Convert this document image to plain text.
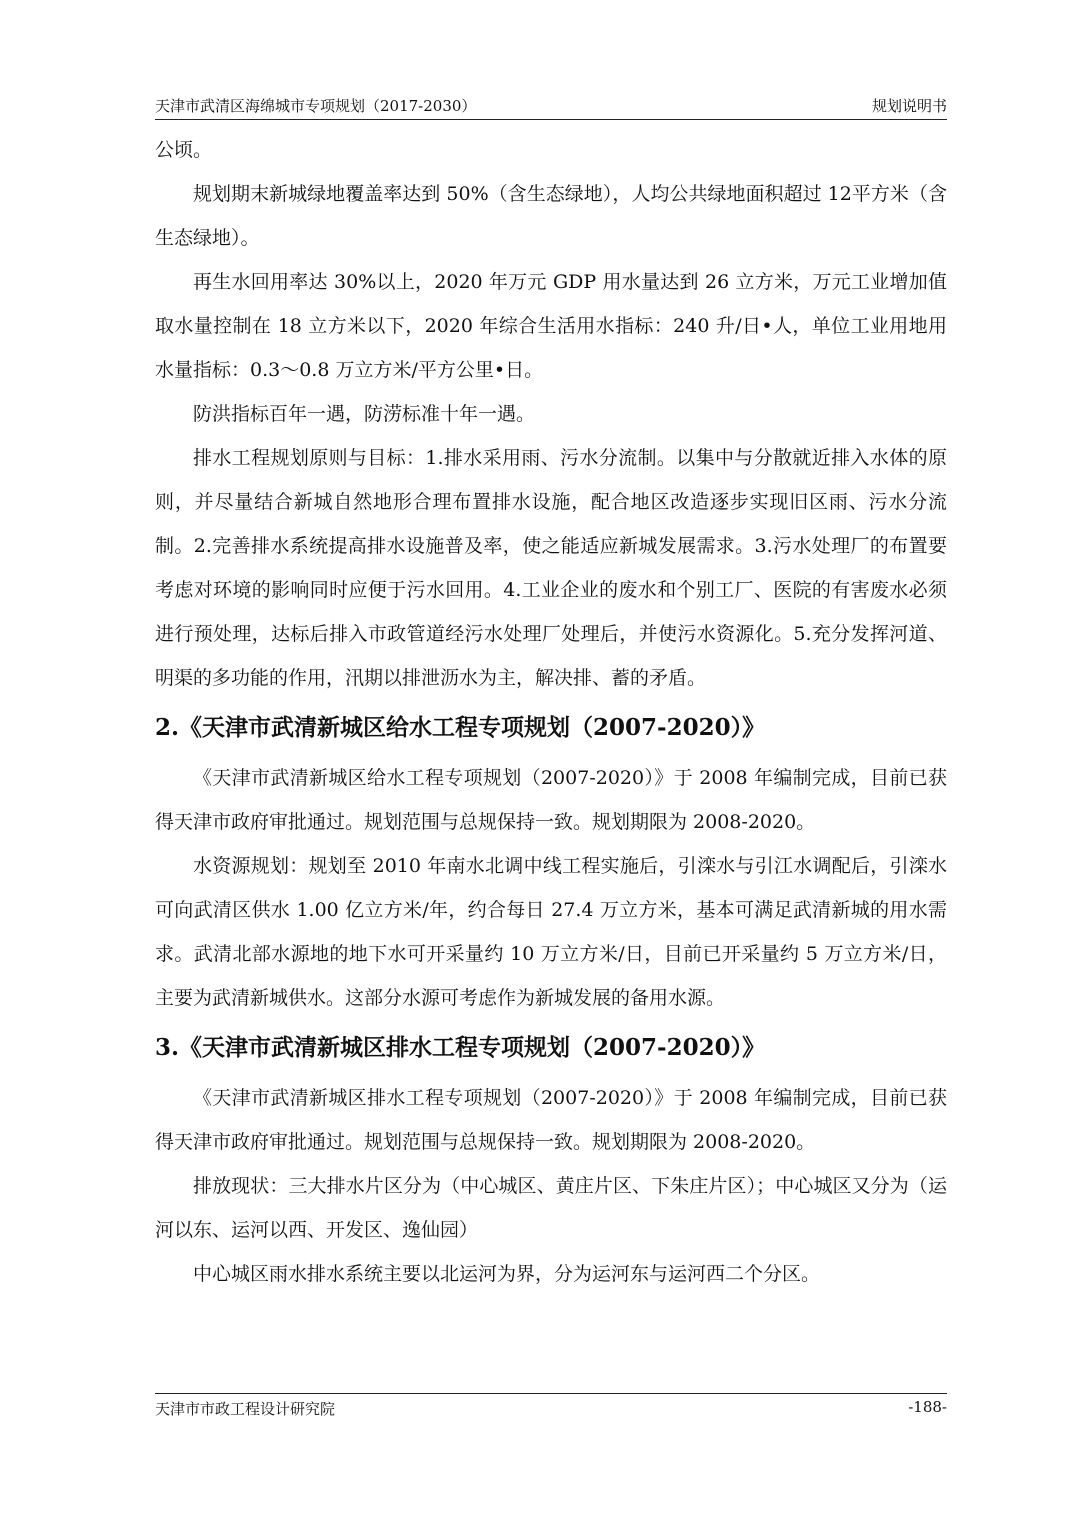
天津市武清区海绵城市专项规划（2017-2030）	规划说明书

公顷。

规划期末新城绿地覆盖率达到 50%（含生态绿地），人均公共绿地面积超过 12平方米（含生态绿地）。

再生水回用率达 30%以上，2020 年万元 GDP 用水量达到 26 立方米，万元工业增加值取水量控制在 18 立方米以下，2020 年综合生活用水指标：240 升/日•人，单位工业用地用水量指标：0.3～0.8 万立方米/平方公里•日。

防洪指标百年一遇，防涝标准十年一遇。

排水工程规划原则与目标：1.排水采用雨、污水分流制。以集中与分散就近排入水体的原则，并尽量结合新城自然地形合理布置排水设施，配合地区改造逐步实现旧区雨、污水分流制。2.完善排水系统提高排水设施普及率，使之能适应新城发展需求。3.污水处理厂的布置要考虑对环境的影响同时应便于污水回用。4.工业企业的废水和个别工厂、医院的有害废水必须进行预处理，达标后排入市政管道经污水处理厂处理后，并使污水资源化。5.充分发挥河道、明渠的多功能的作用，汛期以排泄沥水为主，解决排、蓄的矛盾。

2.《天津市武清新城区给水工程专项规划（2007-2020）》

《天津市武清新城区给水工程专项规划（2007-2020）》于 2008 年编制完成，目前已获得天津市政府审批通过。规划范围与总规保持一致。规划期限为 2008-2020。

水资源规划：规划至 2010 年南水北调中线工程实施后，引滦水与引江水调配后，引滦水可向武清区供水 1.00 亿立方米/年，约合每日 27.4 万立方米，基本可满足武清新城的用水需求。武清北部水源地的地下水可开采量约 10 万立方米/日，目前已开采量约 5 万立方米/日，主要为武清新城供水。这部分水源可考虑作为新城发展的备用水源。

3.《天津市武清新城区排水工程专项规划（2007-2020）》

《天津市武清新城区排水工程专项规划（2007-2020）》于 2008 年编制完成，目前已获得天津市政府审批通过。规划范围与总规保持一致。规划期限为 2008-2020。

排放现状：三大排水片区分为（中心城区、黄庄片区、下朱庄片区）；中心城区又分为（运河以东、运河以西、开发区、逸仙园）

中心城区雨水排水系统主要以北运河为界，分为运河东与运河西二个分区。

天津市市政工程设计研究院	-188-
